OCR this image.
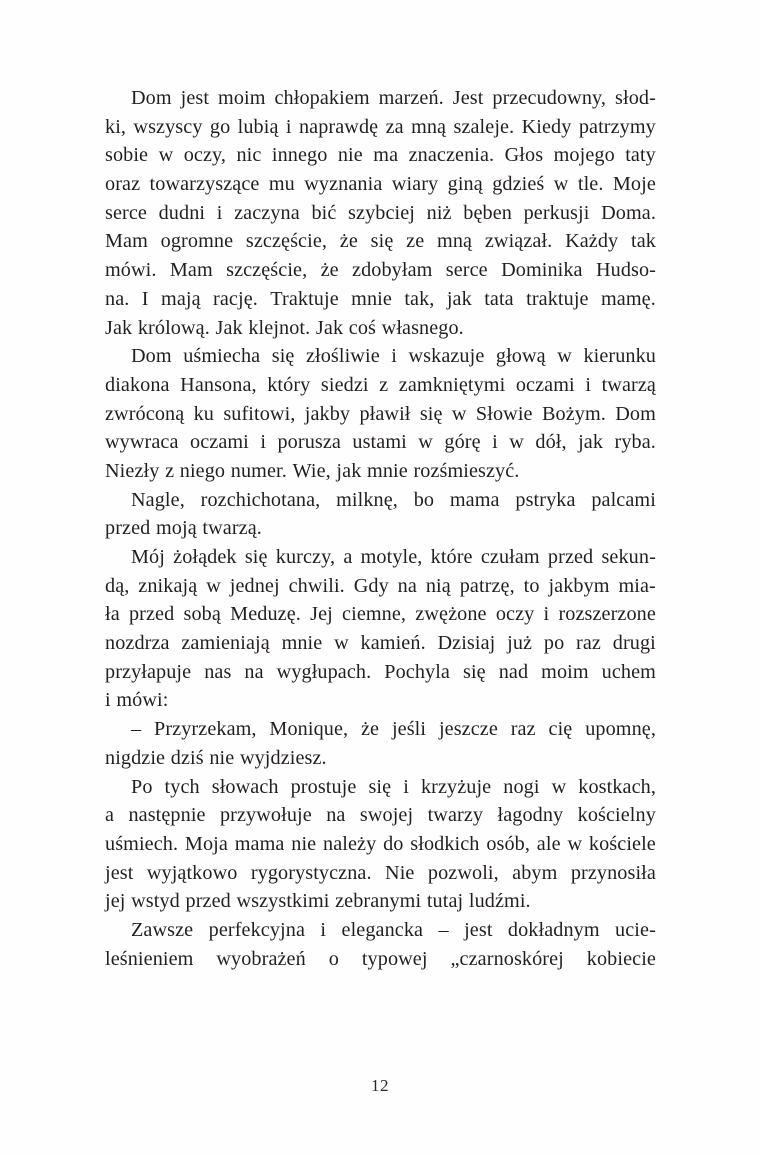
Dom jest moim chłopakiem marzeń. Jest przecudowny, słod-
ki, wszyscy go lubią i naprawdę za mną szaleje. Kiedy patrzymy
sobie w oczy, nic innego nie ma znaczenia. Głos mojego taty
oraz towarzyszące mu wyznania wiary giną gdzieś w tle. Moje
serce dudni i zaczyna bić szybciej niż bęben perkusji Doma.
Mam ogromne szczęście, że się ze mną związał. Każdy tak
mówi. Mam szczęście, że zdobyłam serce Dominika Hudso-
na. I mają rację. Traktuje mnie tak, jak tata traktuje mamę.
Jak królową. Jak klejnot. Jak coś własnego.
Dom uśmiecha się złośliwie i wskazuje głową w kierunku
diakona Hansona, który siedzi z zamkniętymi oczami i twarzą
zwróconą ku sufitowi, jakby pławił się w Słowie Bożym. Dom
wywraca oczami i porusza ustami w górę i w dół, jak ryba.
Niezły z niego numer. Wie, jak mnie rozśmieszyć.
Nagle, rozchichotana, milknę, bo mama pstryka palcami
przed moją twarzą.
Mój żołądek się kurczy, a motyle, które czułam przed sekun-
dą, znikają w jednej chwili. Gdy na nią patrzę, to jakbym mia-
ła przed sobą Meduzę. Jej ciemne, zwężone oczy i rozszerzone
nozdrza zamieniają mnie w kamień. Dzisiaj już po raz drugi
przyłapuje nas na wygłupach. Pochyla się nad moim uchem
i mówi:
– Przyrzekam, Monique, że jeśli jeszcze raz cię upomnę,
nigdzie dziś nie wyjdziesz.
Po tych słowach prostuje się i krzyżuje nogi w kostkach,
a następnie przywołuje na swojej twarzy łagodny kościelny
uśmiech. Moja mama nie należy do słodkich osób, ale w kościele
jest wyjątkowo rygorystyczna. Nie pozwoli, abym przynosiła
jej wstyd przed wszystkimi zebranymi tutaj ludźmi.
Zawsze perfekcyjna i elegancka – jest dokładnym ucie-
leśnieniem wyobrażeń o typowej „czarnoskórej kobiecie
12
